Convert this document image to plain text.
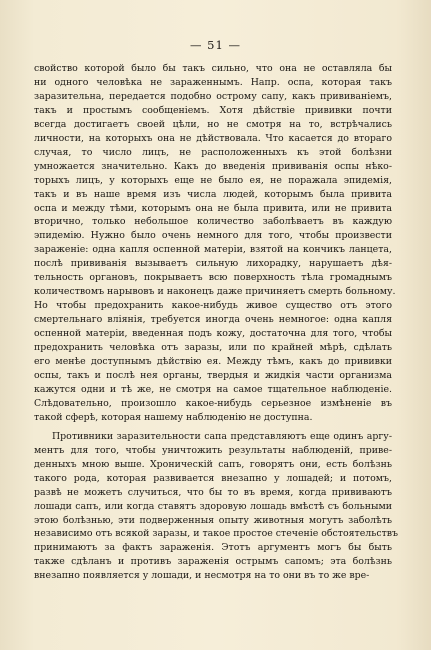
— 51 —

свойство которой было бы такъ сильно, что она не оставляла бы
ни одного человѣка не зараженнымъ. Напр. оспа, которая такъ
заразительна, передается подобно острому сапу, какъ прививаніемъ,
такъ и простымъ сообщеніемъ. Хотя дѣйствіе прививки почти
всегда достигаетъ своей цѣли, но не смотря на то, встрѣчались
личности, на которыхъ она не дѣйствовала. Что касается до втораго
случая, то число лицъ, не расположенныхъ къ этой болѣзни
умножается значительно. Какъ до введенія прививанія оспы нѣко-
торыхъ лицъ, у которыхъ еще не было ея, не поражала эпидемія,
такъ и въ наше время изъ числа людей, которымъ была привита
оспа и между тѣми, которымъ она не была привита, или не привита
вторично, только небольшое количество заболѣваетъ въ каждую
эпидемію. Нужно было очень немного для того, чтобы произвести
зараженіе: одна капля оспенной матеріи, взятой на кончикъ ланцета,
послѣ прививанія вызываетъ сильную лихорадку, нарушаетъ дѣя-
тельность органовъ, покрываетъ всю поверхность тѣла громаднымъ
количествомъ нарывовъ и наконецъ даже причиняетъ смерть больному.
Но чтобы предохранить какое-нибудь живое существо отъ этого
смертельнаго вліянія, требуется иногда очень немногое: одна капля
оспенной матеріи, введенная подъ кожу, достаточна для того, чтобы
предохранить человѣка отъ заразы, или по крайней мѣрѣ, сдѣлать
его менѣе доступнымъ дѣйствію ея. Между тѣмъ, какъ до прививки
оспы, такъ и послѣ нея органы, твердыя и жидкія части организма
кажутся одни и тѣ же, не смотря на самое тщательное наблюденіе.
Слѣдовательно, произошло какое-нибудь серьезное измѣненіе въ
такой сферѣ, которая нашему наблюденію не доступна.

Противники заразительности сапа представляютъ еще одинъ аргу-
ментъ для того, чтобы уничтожить результаты наблюденій, приве-
денныхъ мною выше. Хроническій сапъ, говорятъ они, есть болѣзнь
такого рода, которая развивается внезапно у лошадей; и потомъ,
развѣ не можетъ случиться, что бы то въ время, когда прививаютъ
лошади сапъ, или когда ставятъ здоровую лошадь вмѣстѣ съ больными
этою болѣзнью, эти подверженныя опыту животныя могутъ заболѣть
независимо отъ всякой заразы, и такое простое стеченіе обстоятельствъ
принимаютъ за фактъ зараженія. Этотъ аргументъ могъ бы быть
также сдѣланъ и противъ зараженія острымъ сапомъ; эта болѣзнь
внезапно появляется у лошади, и несмотря на то они въ то же вре-
